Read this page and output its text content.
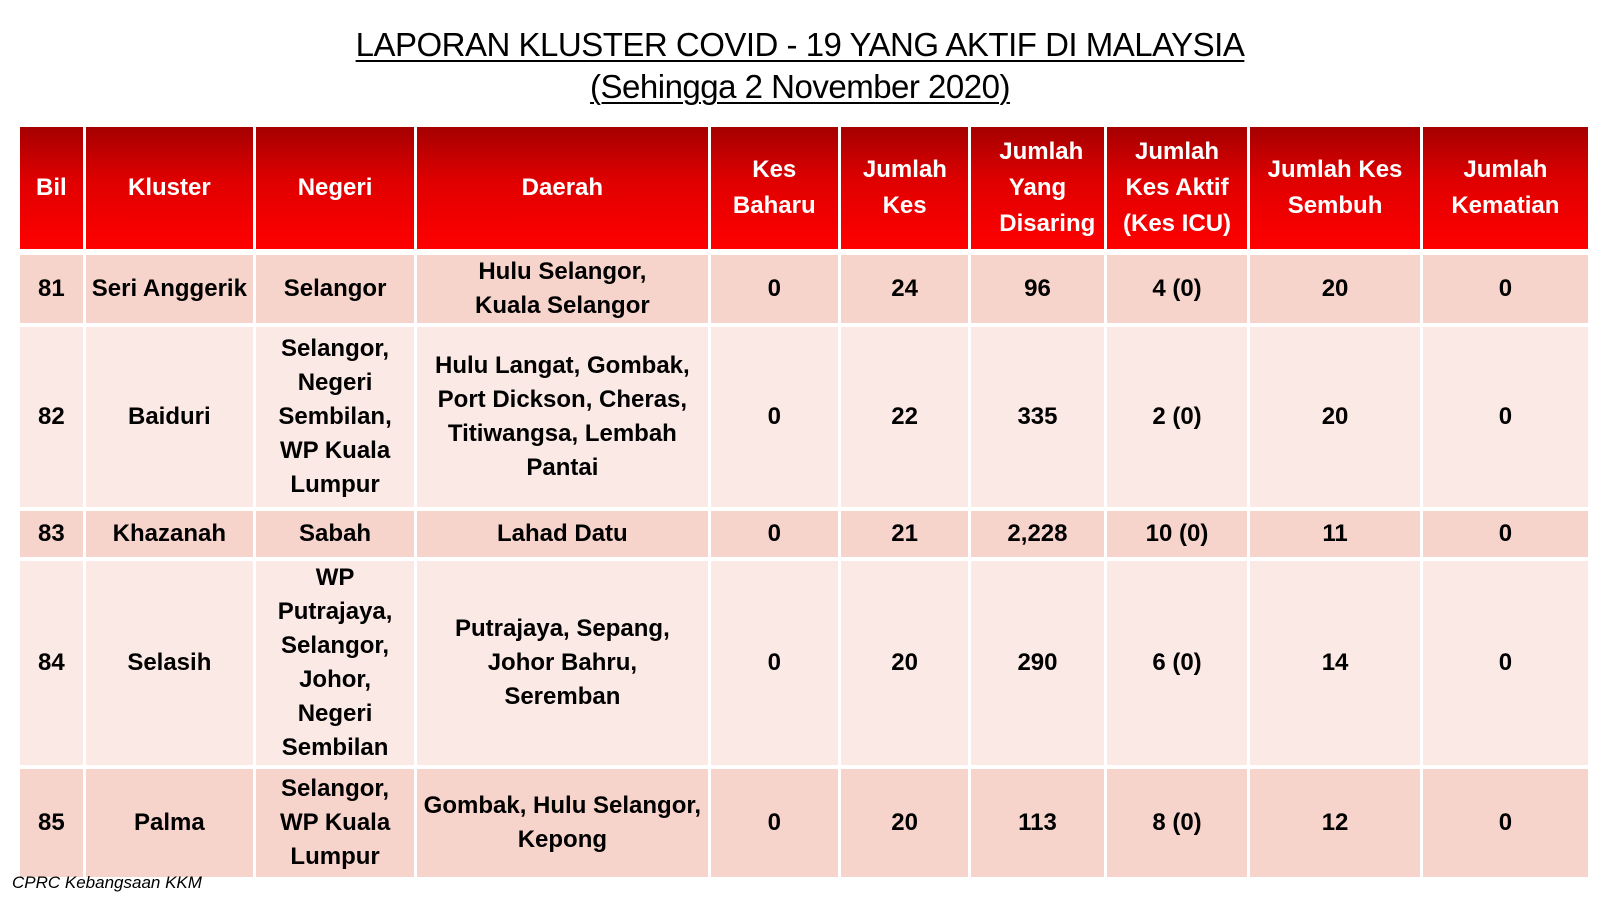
LAPORAN KLUSTER COVID - 19 YANG AKTIF DI MALAYSIA
(Sehingga 2 November 2020)
Bil	Kluster	Negeri	Daerah	Kes Baharu	Jumlah Kes	Jumlah Yang Disaring	Jumlah Kes Aktif (Kes ICU)	Jumlah Kes Sembuh	Jumlah Kematian
81	Seri Anggerik	Selangor	Hulu Selangor, Kuala Selangor	0	24	96	4 (0)	20	0
82	Baiduri	Selangor, Negeri Sembilan, WP Kuala Lumpur	Hulu Langat, Gombak, Port Dickson, Cheras, Titiwangsa, Lembah Pantai	0	22	335	2 (0)	20	0
83	Khazanah	Sabah	Lahad Datu	0	21	2,228	10 (0)	11	0
84	Selasih	WP Putrajaya, Selangor, Johor, Negeri Sembilan	Putrajaya, Sepang, Johor Bahru, Seremban	0	20	290	6 (0)	14	0
85	Palma	Selangor, WP Kuala Lumpur	Gombak, Hulu Selangor, Kepong	0	20	113	8 (0)	12	0
CPRC Kebangsaan KKM
